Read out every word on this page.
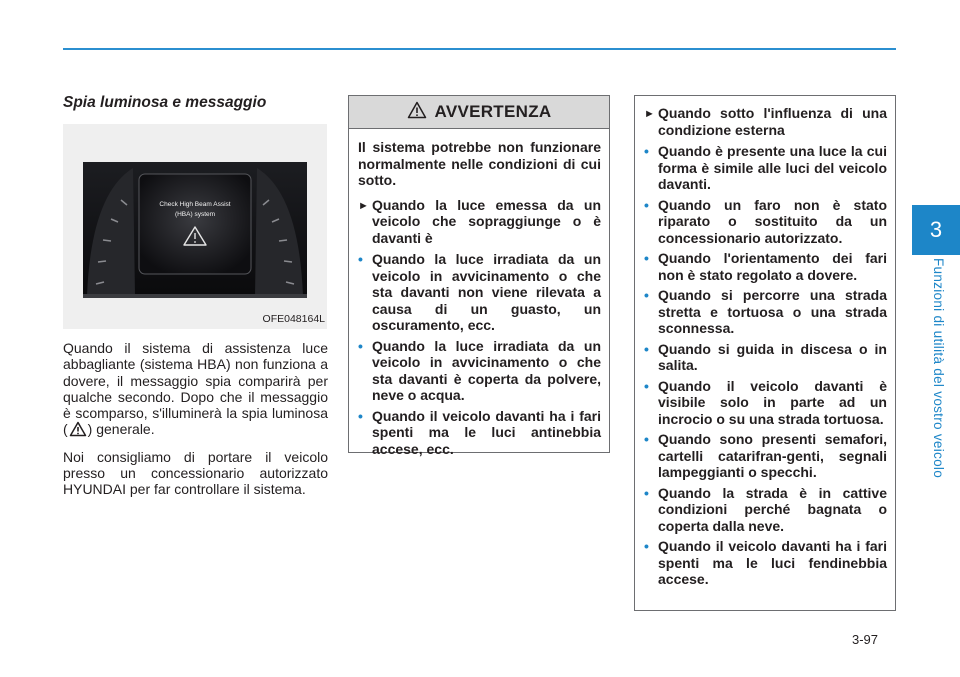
3
Funzioni di utilità del vostro veicolo
Spia luminosa e messaggio
Check High Beam Assist
(HBA) system
OFE048164L

Quando il sistema di assistenza luce abbagliante (sistema HBA) non funziona a dovere, il messaggio spia comparirà per qualche secondo. Dopo che il messaggio è scomparso, s'illuminerà la spia luminosa ( ) generale.

Noi consigliamo di portare il veicolo presso un concessionario autorizzato HYUNDAI per far controllare il sistema.

AVVERTENZA

Il sistema potrebbe non funzionare normalmente nelle condizioni di cui sotto.

► Quando la luce emessa da un veicolo che sopraggiunge o è davanti è
• Quando la luce irradiata da un veicolo in avvicinamento o che sta davanti non viene rilevata a causa di un guasto, un oscuramento, ecc.
• Quando la luce irradiata da un veicolo in avvicinamento o che sta davanti è coperta da polvere, neve o acqua.
• Quando il veicolo davanti ha i fari spenti ma le luci antinebbia accese, ecc.
► Quando sotto l'influenza di una condizione esterna
• Quando è presente una luce la cui forma è simile alle luci del veicolo davanti.
• Quando un faro non è stato riparato o sostituito da un concessionario autorizzato.
• Quando l'orientamento dei fari non è stato regolato a dovere.
• Quando si percorre una strada stretta e tortuosa o una strada sconnessa.
• Quando si guida in discesa o in salita.
• Quando il veicolo davanti è visibile solo in parte ad un incrocio o su una strada tortuosa.
• Quando sono presenti semafori, cartelli catarifran-genti, segnali lampeggianti o specchi.
• Quando la strada è in cattive condizioni perché bagnata o coperta dalla neve.
• Quando il veicolo davanti ha i fari spenti ma le luci fendinebbia accese.
3-97
